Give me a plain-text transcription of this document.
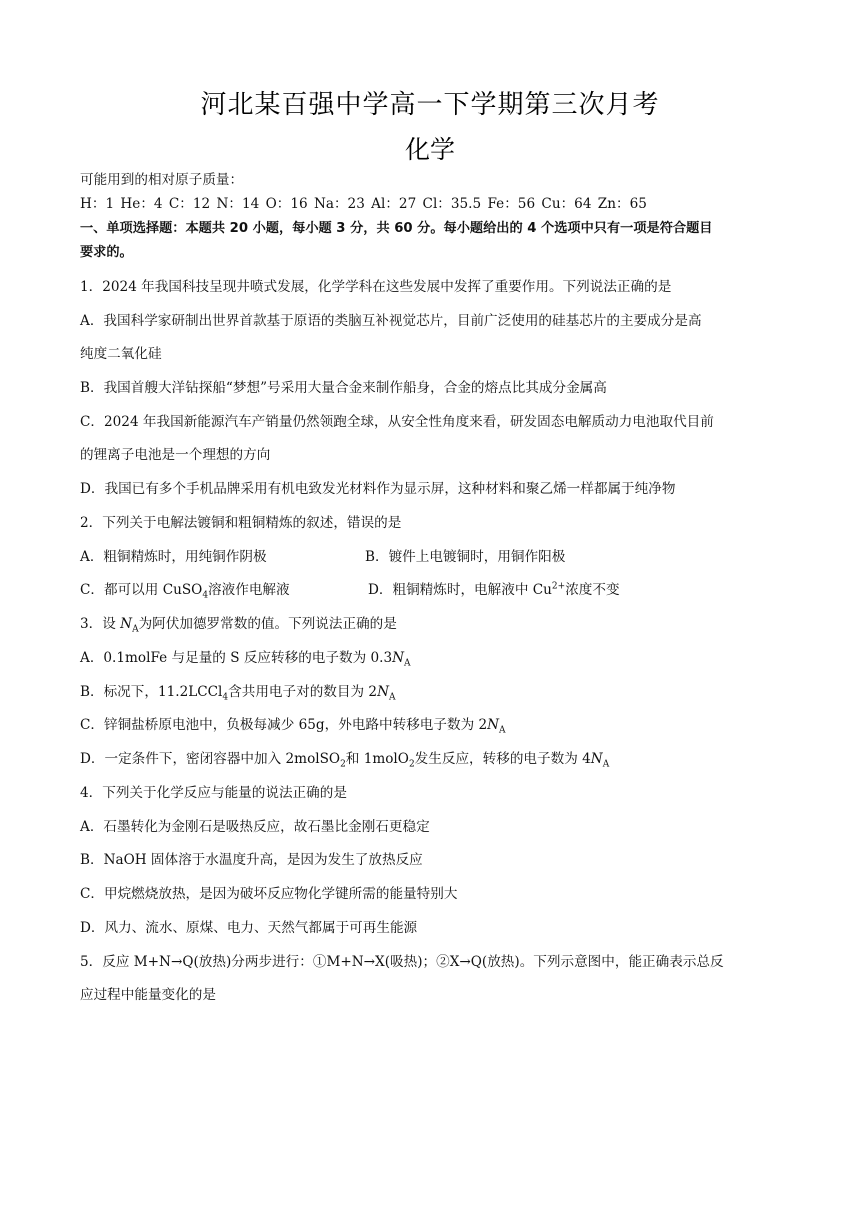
河北某百强中学高一下学期第三次月考
化学
可能用到的相对原子质量：
H：1 He：4 C：12 N：14 O：16 Na：23 Al：27 Cl：35.5 Fe：56 Cu：64 Zn：65
一、单项选择题：本题共 20 小题，每小题 3 分，共 60 分。每小题给出的 4 个选项中只有一项是符合题目
要求的。
1．2024 年我国科技呈现井喷式发展，化学学科在这些发展中发挥了重要作用。下列说法正确的是
A．我国科学家研制出世界首款基于原语的类脑互补视觉芯片，目前广泛使用的硅基芯片的主要成分是高
纯度二氧化硅
B．我国首艘大洋钻探船“梦想”号采用大量合金来制作船身，合金的熔点比其成分金属高
C．2024 年我国新能源汽车产销量仍然领跑全球，从安全性角度来看，研发固态电解质动力电池取代目前
的锂离子电池是一个理想的方向
D．我国已有多个手机品牌采用有机电致发光材料作为显示屏，这种材料和聚乙烯一样都属于纯净物
2．下列关于电解法镀铜和粗铜精炼的叙述，错误的是
A．粗铜精炼时，用纯铜作阴极	B．镀件上电镀铜时，用铜作阳极
C．都可以用 CuSO$_4$溶液作电解液	D．粗铜精炼时，电解液中 $Cu^{2+}$浓度不变
3．设 $N_A$为阿伏加德罗常数的值。下列说法正确的是
A．0.1molFe 与足量的 S 反应转移的电子数为 $0.3N_A$
B．标况下，11.2LCCl$_4$含共用电子对的数目为 $2N_A$
C．锌铜盐桥原电池中，负极每减少 65g，外电路中转移电子数为 $2N_A$
D．一定条件下，密闭容器中加入 2molSO$_2$和 1molO$_2$发生反应，转移的电子数为 $4N_A$
4．下列关于化学反应与能量的说法正确的是
A．石墨转化为金刚石是吸热反应，故石墨比金刚石更稳定
B．NaOH 固体溶于水温度升高，是因为发生了放热反应
C．甲烷燃烧放热，是因为破坏反应物化学键所需的能量特别大
D．风力、流水、原煤、电力、天然气都属于可再生能源
5．反应 M+N→Q(放热)分两步进行：①M+N→X(吸热)；②X→Q(放热)。下列示意图中，能正确表示总反
应过程中能量变化的是
